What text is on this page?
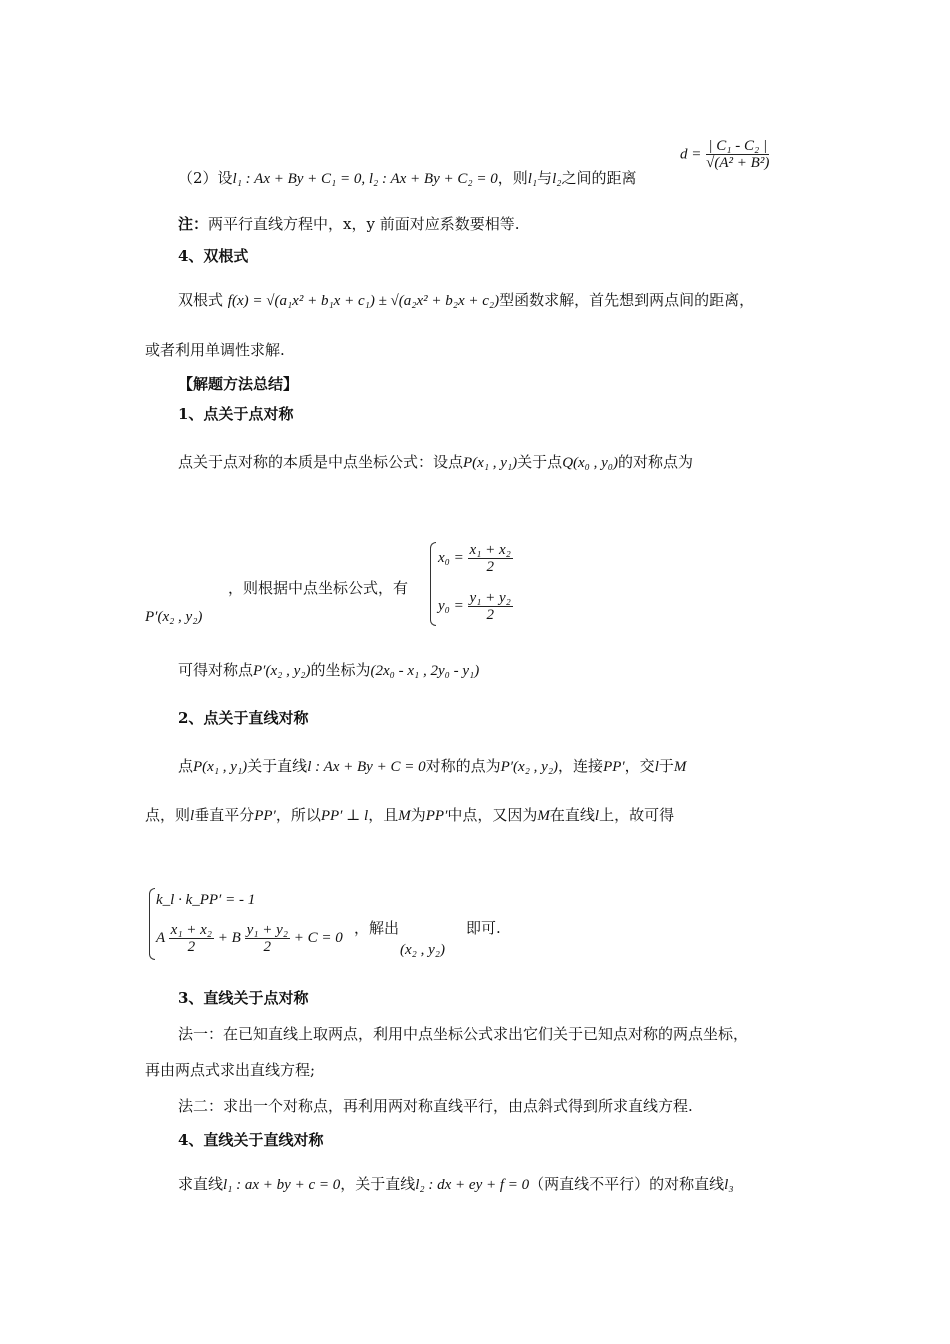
（2）设l₁ : Ax + By + C₁ = 0, l₂ : Ax + By + C₂ = 0，则l₁与l₂之间的距离
$d = \frac{\text{| C₁ - C₂ |}}{\text{√(A² + B²)}}$
注：两平行直线方程中，x，y 前面对应系数要相等.
4、双根式
双根式 f(x) = √(a₁x² + b₁x + c₁) ± √(a₂x² + b₂x + c₂)型函数求解，首先想到两点间的距离，
或者利用单调性求解.
【解题方法总结】
1、点关于点对称
点关于点对称的本质是中点坐标公式：设点P(x₁ , y₁)关于点Q(x₀ , y₀)的对称点为
P′(x₂ , y₂)
，则根据中点坐标公式，有
$x_0 = \frac{\text{x₁ + x₂}}{2}$
$y_0 = \frac{\text{y₁ + y₂}}{2}$
可得对称点P′(x₂ , y₂)的坐标为(2x₀ - x₁ , 2y₀ - y₁)
2、点关于直线对称
点P(x₁ , y₁)关于直线l : Ax + By + C = 0对称的点为P′(x₂ , y₂)，连接PP′，交l于M
点，则l垂直平分PP′，所以PP′ ⊥ l，且M为PP′中点，又因为M在直线l上，故可得
k_l · k_PP′ = - 1
A $\frac{\text{x₁ + x₂}}{2} + B \frac{\text{y₁ + y₂}}{2} + C = 0$
，解出
(x₂ , y₂)
即可.
3、直线关于点对称
法一：在已知直线上取两点，利用中点坐标公式求出它们关于已知点对称的两点坐标，
再由两点式求出直线方程;
法二：求出一个对称点，再利用两对称直线平行，由点斜式得到所求直线方程.
4、直线关于直线对称
求直线l₁ : ax + by + c = 0，关于直线l₂ : dx + ey + f = 0（两直线不平行）的对称直线l₃
